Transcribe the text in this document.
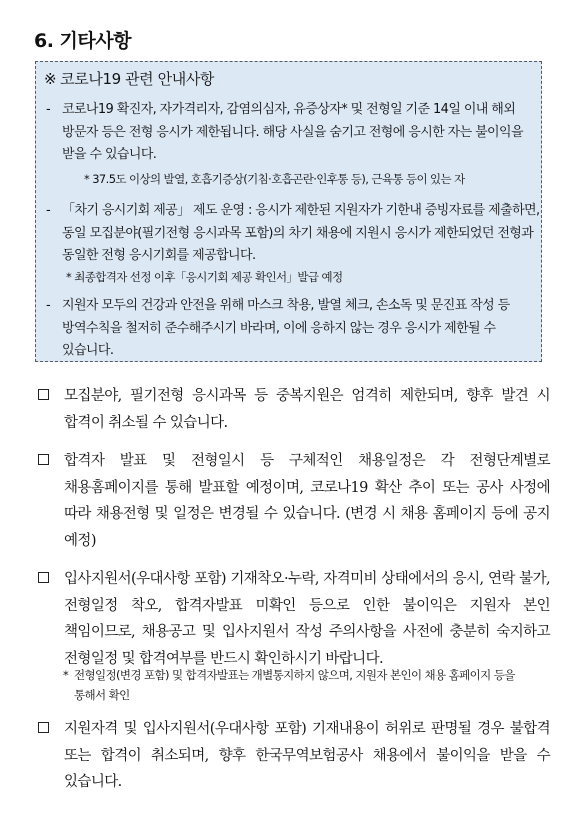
6. 기타사항
※ 코로나19 관련 안내사항
- 코로나19 확진자, 자가격리자, 감염의심자, 유증상자* 및 전형일 기준 14일 이내 해외 방문자 등은 전형 응시가 제한됩니다. 해당 사실을 숨기고 전형에 응시한 자는 불이익을 받을 수 있습니다.
* 37.5도 이상의 발열, 호흡기증상(기침·호흡곤란·인후통 등), 근육통 등이 있는 자
- 「차기 응시기회 제공」 제도 운영 : 응시가 제한된 지원자가 기한내 증빙자료를 제출하면, 동일 모집분야(필기전형 응시과목 포함)의 차기 채용에 지원시 응시가 제한되었던 전형과 동일한 전형 응시기회를 제공합니다.
* 최종합격자 선정 이후「응시기회 제공 확인서」발급 예정
- 지원자 모두의 건강과 안전을 위해 마스크 착용, 발열 체크, 손소독 및 문진표 작성 등 방역수칙을 철저히 준수해주시기 바라며, 이에 응하지 않는 경우 응시가 제한될 수 있습니다.
모집분야, 필기전형 응시과목 등 중복지원은 엄격히 제한되며, 향후 발견 시 합격이 취소될 수 있습니다.
합격자 발표 및 전형일시 등 구체적인 채용일정은 각 전형단계별로 채용홈페이지를 통해 발표할 예정이며, 코로나19 확산 추이 또는 공사 사정에 따라 채용전형 및 일정은 변경될 수 있습니다. (변경 시 채용 홈페이지 등에 공지 예정)
입사지원서(우대사항 포함) 기재착오·누락, 자격미비 상태에서의 응시, 연락 불가, 전형일정 착오, 합격자발표 미확인 등으로 인한 불이익은 지원자 본인 책임이므로, 채용공고 및 입사지원서 작성 주의사항을 사전에 충분히 숙지하고 전형일정 및 합격여부를 반드시 확인하시기 바랍니다.
* 전형일정(변경 포함) 및 합격자발표는 개별통지하지 않으며, 지원자 본인이 채용 홈페이지 등을 통해서 확인
지원자격 및 입사지원서(우대사항 포함) 기재내용이 허위로 판명될 경우 불합격 또는 합격이 취소되며, 향후 한국무역보험공사 채용에서 불이익을 받을 수 있습니다.
